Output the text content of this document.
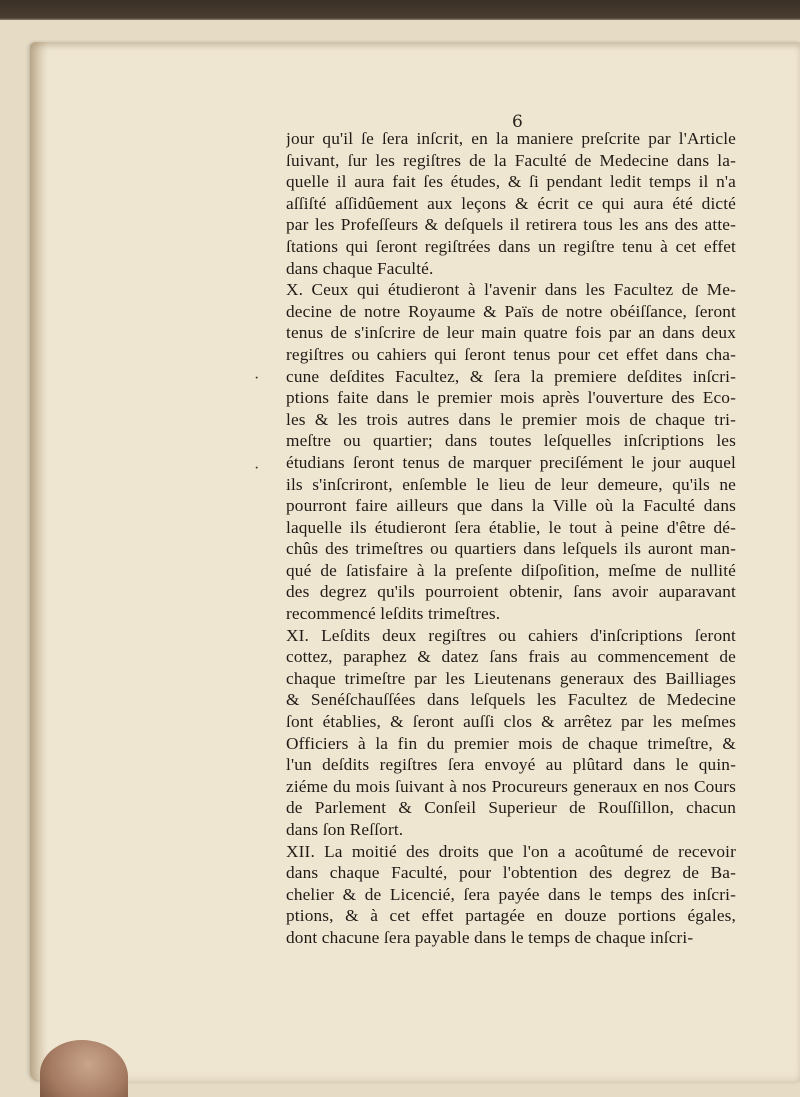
6
·
·
jour qu'il ſe ſera inſcrit, en la maniere preſcrite par l'Article
ſuivant, ſur les regiſtres de la Faculté de Medecine dans la-
quelle il aura fait ſes études, & ſi pendant ledit temps il n'a
aſſiſté aſſidûement aux leçons & écrit ce qui aura été dicté
par les Profeſſeurs & deſquels il retirera tous les ans des atte-
ſtations qui ſeront regiſtrées dans un regiſtre tenu à cet effet
dans chaque Faculté.
X. Ceux qui étudieront à l'avenir dans les Facultez de Me-
decine de notre Royaume & Païs de notre obéiſſance, ſeront
tenus de s'inſcrire de leur main quatre fois par an dans deux
regiſtres ou cahiers qui ſeront tenus pour cet effet dans cha-
cune deſdites Facultez, & ſera la premiere deſdites inſcri-
ptions faite dans le premier mois après l'ouverture des Eco-
les & les trois autres dans le premier mois de chaque tri-
meſtre ou quartier; dans toutes leſquelles inſcriptions les
étudians ſeront tenus de marquer preciſément le jour auquel
ils s'inſcriront, enſemble le lieu de leur demeure, qu'ils ne
pourront faire ailleurs que dans la Ville où la Faculté dans
laquelle ils étudieront ſera établie, le tout à peine d'être dé-
chûs des trimeſtres ou quartiers dans leſquels ils auront man-
qué de ſatisfaire à la preſente diſpoſition, meſme de nullité
des degrez qu'ils pourroient obtenir, ſans avoir auparavant
recommencé leſdits trimeſtres.
XI. Leſdits deux regiſtres ou cahiers d'inſcriptions ſeront
cottez, paraphez & datez ſans frais au commencement de
chaque trimeſtre par les Lieutenans generaux des Bailliages
& Senéſchauſſées dans leſquels les Facultez de Medecine
ſont établies, & ſeront auſſi clos & arrêtez par les meſmes
Officiers à la fin du premier mois de chaque trimeſtre, &
l'un deſdits regiſtres ſera envoyé au plûtard dans le quin-
ziéme du mois ſuivant à nos Procureurs generaux en nos Cours
de Parlement & Conſeil Superieur de Rouſſillon, chacun
dans ſon Reſſort.
XII. La moitié des droits que l'on a acoûtumé de recevoir
dans chaque Faculté, pour l'obtention des degrez de Ba-
chelier & de Licencié, ſera payée dans le temps des inſcri-
ptions, & à cet effet partagée en douze portions égales,
dont chacune ſera payable dans le temps de chaque inſcri-
